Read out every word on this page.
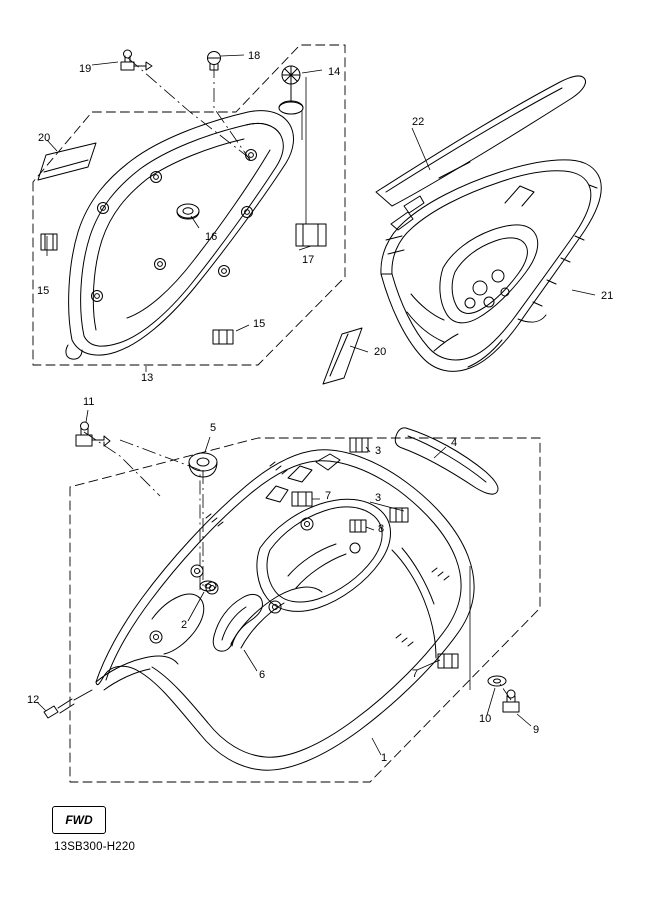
19
18
14
22
20
16
17
15	21
15
20
13
11
5
3
4
7	3
8
2
6	7
10
9
12
1
FWD
13SB300-H220
